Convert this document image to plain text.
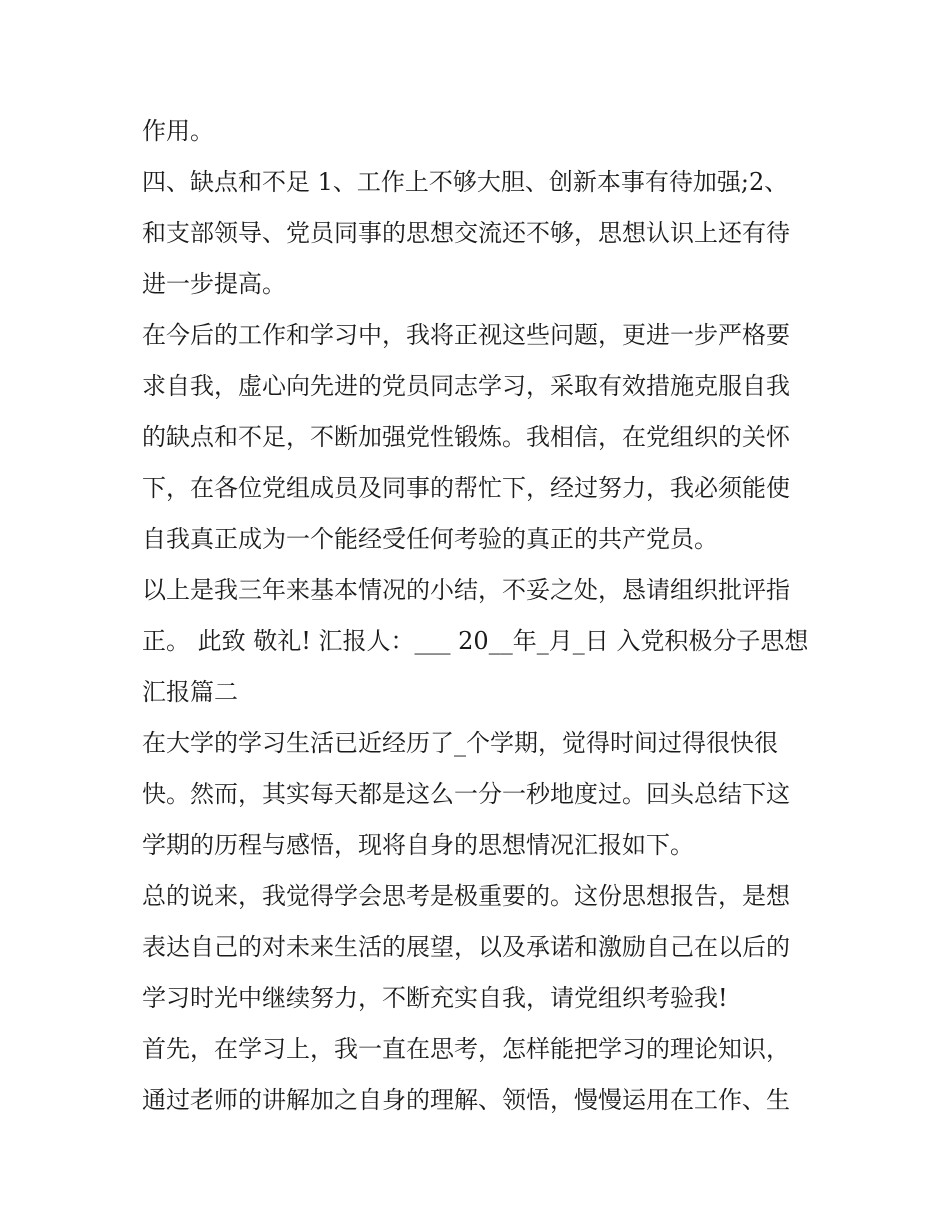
作用。
四、缺点和不足 1、工作上不够大胆、创新本事有待加强;2、
和支部领导、党员同事的思想交流还不够，思想认识上还有待
进一步提高。
在今后的工作和学习中，我将正视这些问题，更进一步严格要
求自我，虚心向先进的党员同志学习，采取有效措施克服自我
的缺点和不足，不断加强党性锻炼。我相信，在党组织的关怀
下，在各位党组成员及同事的帮忙下，经过努力，我必须能使
自我真正成为一个能经受任何考验的真正的共产党员。
以上是我三年来基本情况的小结，不妥之处，恳请组织批评指
正。 此致 敬礼! 汇报人：___ 20__年_月_日 入党积极分子思想
汇报篇二
在大学的学习生活已近经历了_个学期，觉得时间过得很快很
快。然而，其实每天都是这么一分一秒地度过。回头总结下这
学期的历程与感悟，现将自身的思想情况汇报如下。
总的说来，我觉得学会思考是极重要的。这份思想报告，是想
表达自己的对未来生活的展望，以及承诺和激励自己在以后的
学习时光中继续努力，不断充实自我，请党组织考验我!
首先，在学习上，我一直在思考，怎样能把学习的理论知识，
通过老师的讲解加之自身的理解、领悟，慢慢运用在工作、生
